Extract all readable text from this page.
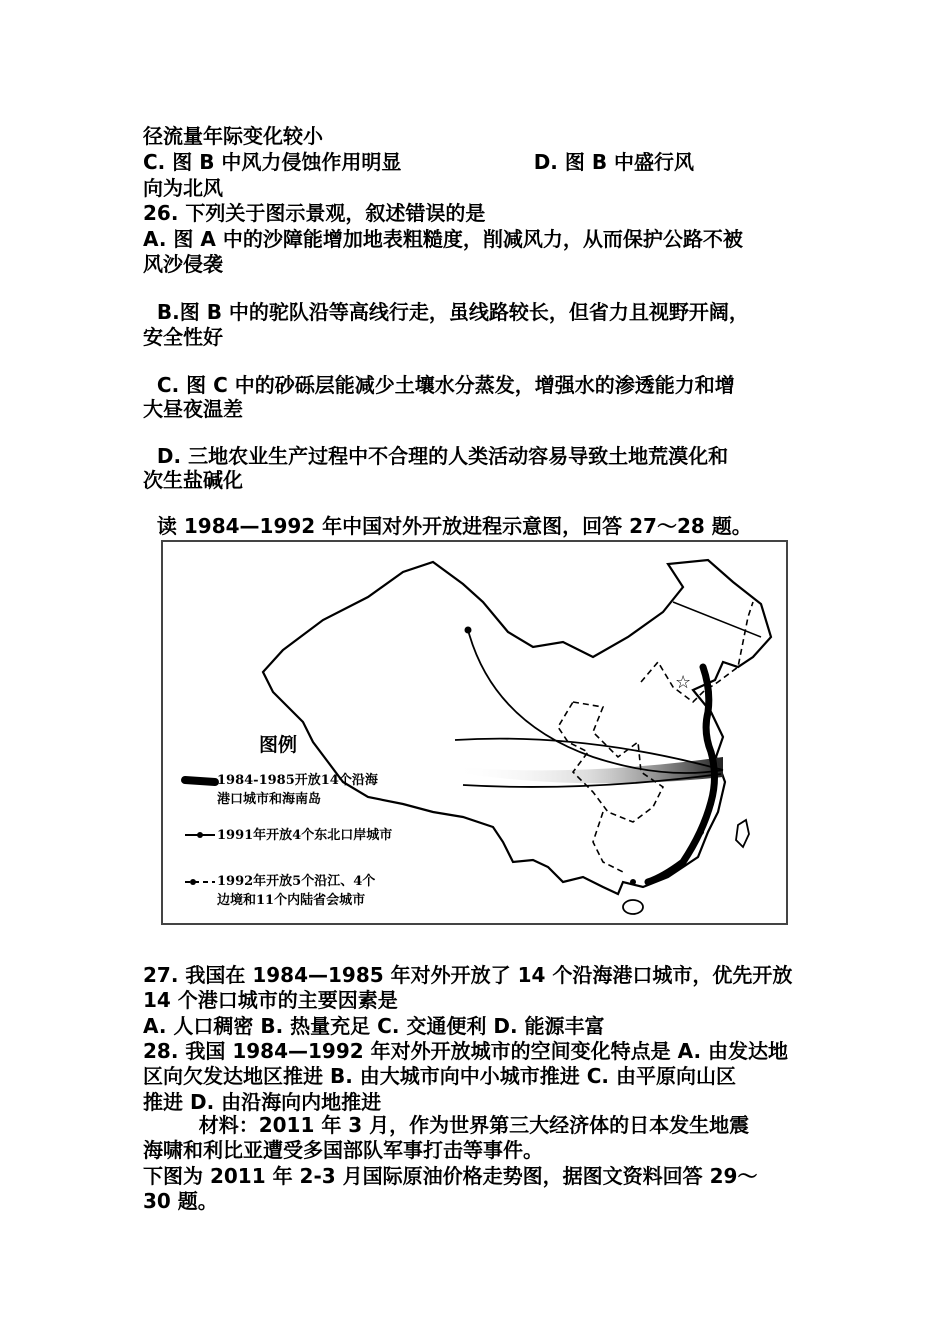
径流量年际变化较小
C. 图 B 中风力侵蚀作用明显                   D. 图 B 中盛行风
向为北风
26. 下列关于图示景观，叙述错误的是
A. 图 A 中的沙障能增加地表粗糙度，削减风力，从而保护公路不被
风沙侵袭
B.图 B 中的驼队沿等高线行走，虽线路较长，但省力且视野开阔，
安全性好
C. 图 C 中的砂砾层能减少土壤水分蒸发，增强水的渗透能力和增
大昼夜温差
D. 三地农业生产过程中不合理的人类活动容易导致土地荒漠化和
次生盐碱化
读 1984—1992 年中国对外开放进程示意图，回答 27～28 题。
☆
图例
1984-1985开放14个沿海
港口城市和海南岛
1991年开放4个东北口岸城市
1992年开放5个沿江、4个
边境和11个内陆省会城市
27. 我国在 1984—1985 年对外开放了 14 个沿海港口城市，优先开放
14 个港口城市的主要因素是
A. 人口稠密 B. 热量充足 C. 交通便利 D. 能源丰富
28. 我国 1984—1992 年对外开放城市的空间变化特点是 A. 由发达地
区向欠发达地区推进 B. 由大城市向中小城市推进 C. 由平原向山区
推进 D. 由沿海向内地推进
材料：2011 年 3 月，作为世界第三大经济体的日本发生地震
海啸和利比亚遭受多国部队军事打击等事件。
下图为 2011 年 2-3 月国际原油价格走势图，据图文资料回答 29～
30 题。
